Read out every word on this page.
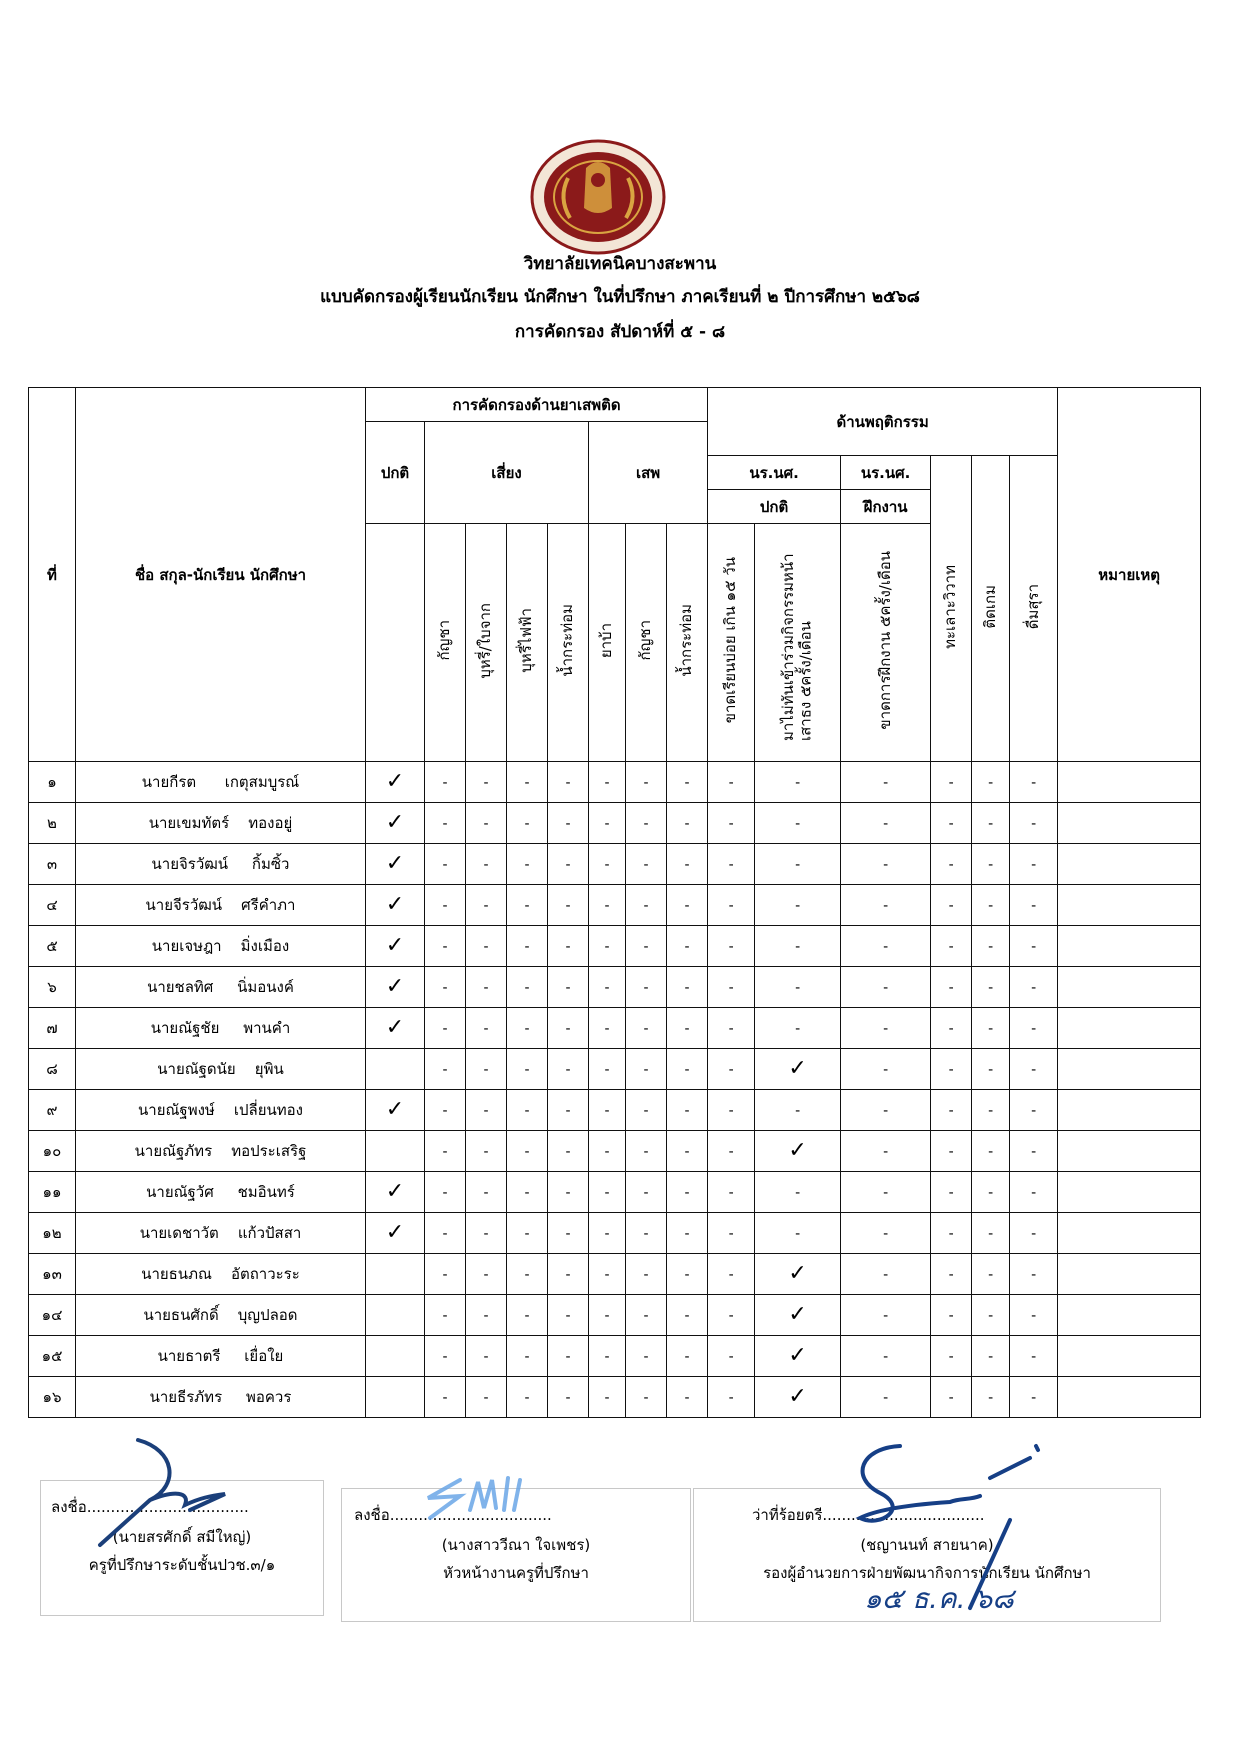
วิทยาลัยเทคนิคบางสะพาน
แบบคัดกรองผู้เรียนนักเรียน นักศึกษา ในที่ปรึกษา ภาคเรียนที่ ๒ ปีการศึกษา ๒๕๖๘
การคัดกรอง สัปดาห์ที่ ๕ - ๘
ที่	ชื่อ สกุล-นักเรียน นักศึกษา	การคัดกรองด้านยาเสพติด								ด้านพฤติกรรม						หมายเหตุ
		ปกติ	เสี่ยง				เสพ									
										นร.นศ.		นร.นศ.	ทะเลาะวิวาท	ติดเกม	ดื่มสุรา	
										ปกติ		ฝึกงาน				
			กัญชา	บุหรี่/ใบจาก	บุหรี่ไฟฟ้า	น้ำกระท่อม	ยาบ้า	กัญชา	น้ำกระท่อม	ขาดเรียนบ่อย เกิน ๑๕ วัน	มาไม่ทันเข้าร่วมกิจกรรมหน้าเสาธง ๕ครั้ง/เดือน	ขาดการฝึกงาน ๕ครั้ง/เดือน				
๑	นายกีรต      เกตุสมบูรณ์	✓	-	-	-	-	-	-	-	-	-	-	-	-	-	
๒	นายเขมทัตร์    ทองอยู่	✓	-	-	-	-	-	-	-	-	-	-	-	-	-	
๓	นายจิรวัฒน์     กิ้มซิ้ว	✓	-	-	-	-	-	-	-	-	-	-	-	-	-	
๔	นายจีรวัฒน์    ศรีคำภา	✓	-	-	-	-	-	-	-	-	-	-	-	-	-	
๕	นายเจษฎา    มิ่งเมือง	✓	-	-	-	-	-	-	-	-	-	-	-	-	-	
๖	นายชลทิศ     นิ่มอนงค์	✓	-	-	-	-	-	-	-	-	-	-	-	-	-	
๗	นายณัฐชัย     พานคำ	✓	-	-	-	-	-	-	-	-	-	-	-	-	-	
๘	นายณัฐดนัย    ยุพิน		-	-	-	-	-	-	-	-	✓	-	-	-	-	
๙	นายณัฐพงษ์    เปลี่ยนทอง	✓	-	-	-	-	-	-	-	-	-	-	-	-	-	
๑๐	นายณัฐภัทร    ทอประเสริฐ		-	-	-	-	-	-	-	-	✓	-	-	-	-	
๑๑	นายณัฐวัศ     ชมอินทร์	✓	-	-	-	-	-	-	-	-	-	-	-	-	-	
๑๒	นายเดชาวัต    แก้วปัสสา	✓	-	-	-	-	-	-	-	-	-	-	-	-	-	
๑๓	นายธนภณ    อัตถาวะระ		-	-	-	-	-	-	-	-	✓	-	-	-	-	
๑๔	นายธนศักดิ์    บุญปลอด		-	-	-	-	-	-	-	-	✓	-	-	-	-	
๑๕	นายธาตรี     เยื่อใย		-	-	-	-	-	-	-	-	✓	-	-	-	-	
๑๖	นายธีรภัทร     พอควร		-	-	-	-	-	-	-	-	✓	-	-	-	-	
ลงชื่อ..................................
(นายสรศักดิ์ สมีใหญ่)
ครูที่ปรึกษาระดับชั้นปวช.๓/๑
ลงชื่อ..................................
(นางสาววีณา ใจเพชร)
หัวหน้างานครูที่ปรึกษา
ว่าที่ร้อยตรี..................................
(ชญานนท์ สายนาค)
รองผู้อำนวยการฝ่ายพัฒนากิจการนักเรียน นักศึกษา
๑๕ ธ.ค. ๖๘
